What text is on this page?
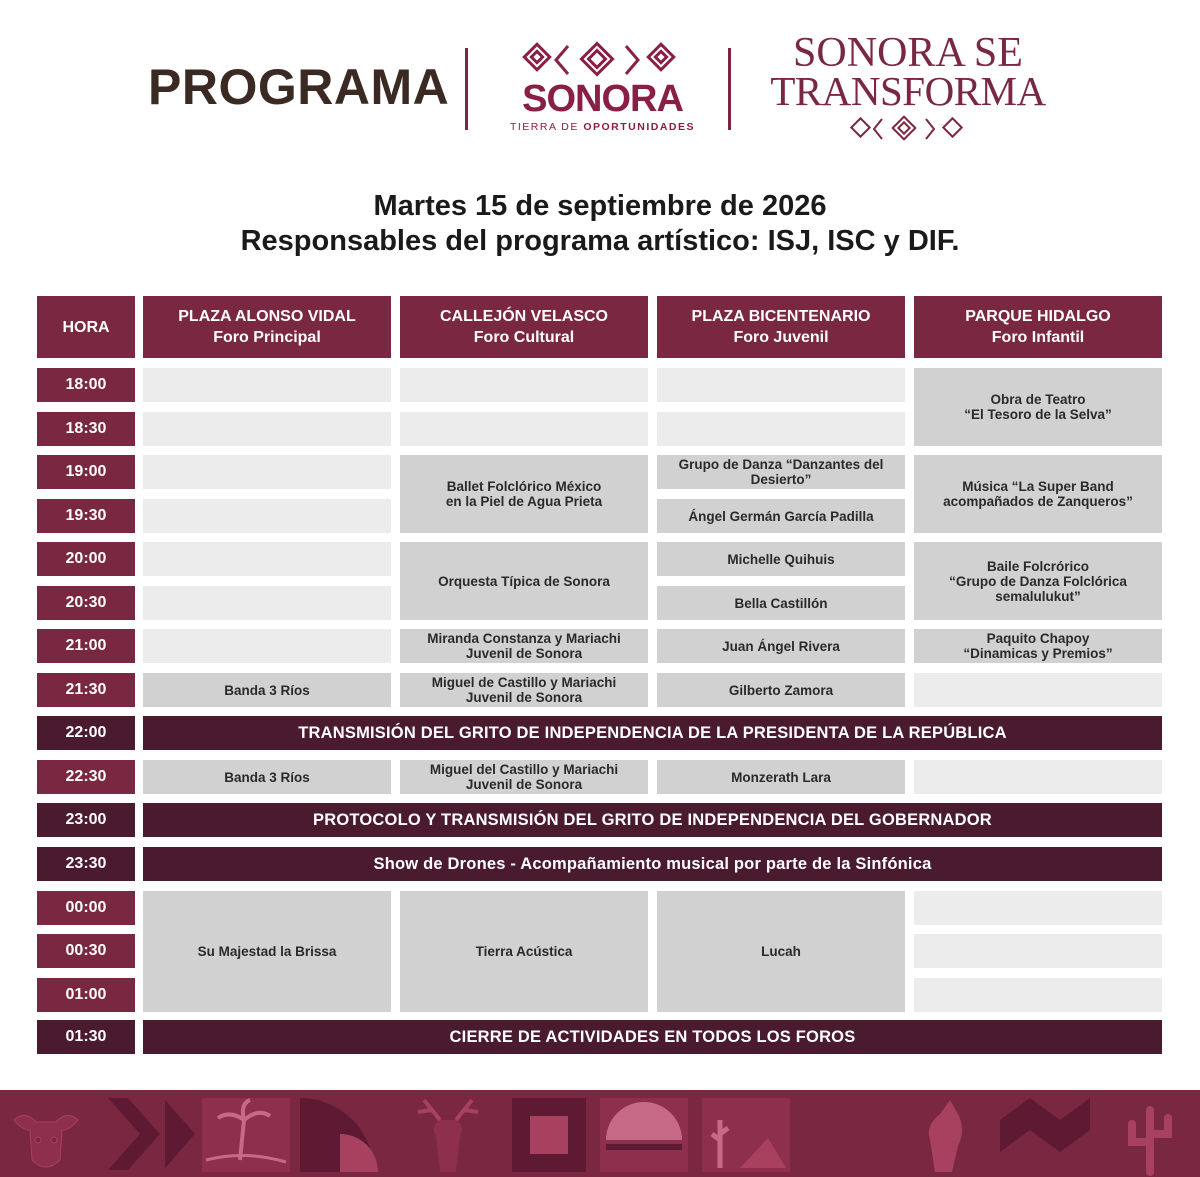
PROGRAMA	SONORA
TIERRA DE OPORTUNIDADES
SONORA SE
TRANSFORMA
Martes 15 de septiembre de 2026
Responsables del programa artístico: ISJ, ISC y DIF.
HORA
PLAZA ALONSO VIDAL
Foro Principal
CALLEJÓN VELASCO
Foro Cultural
PLAZA BICENTENARIO
Foro Juvenil
PARQUE HIDALGO
Foro Infantil
18:00
18:30
19:00
19:30
20:00
20:30
21:00
21:30
22:00
22:30
23:00
23:30
00:00
00:30
01:00
01:30
Banda 3 Ríos
Banda 3 Ríos
Su Majestad la Brissa
Ballet Folclórico México
en la Piel de Agua Prieta
Orquesta Típica de Sonora
Miranda Constanza y Mariachi
Juvenil de Sonora
Miguel de Castillo y Mariachi
Juvenil de Sonora
Miguel del Castillo y Mariachi
Juvenil de Sonora
Tierra Acústica
Grupo de Danza “Danzantes del
Desierto”
Ángel Germán García Padilla
Michelle Quihuis
Bella Castillón
Juan Ángel Rivera
Gilberto Zamora
Monzerath Lara
Lucah
Obra de Teatro
“El Tesoro de la Selva”
Música “La Super Band
acompañados de Zanqueros”
Baile Folcrórico
“Grupo de Danza Folclórica
semalulukut”
Paquito Chapoy
“Dinamicas y Premios”
TRANSMISIÓN DEL GRITO DE INDEPENDENCIA DE LA PRESIDENTA DE LA REPÚBLICA
PROTOCOLO Y TRANSMISIÓN DEL GRITO DE INDEPENDENCIA DEL GOBERNADOR
Show de Drones - Acompañamiento musical por parte de la Sinfónica
CIERRE DE ACTIVIDADES EN TODOS LOS FOROS
